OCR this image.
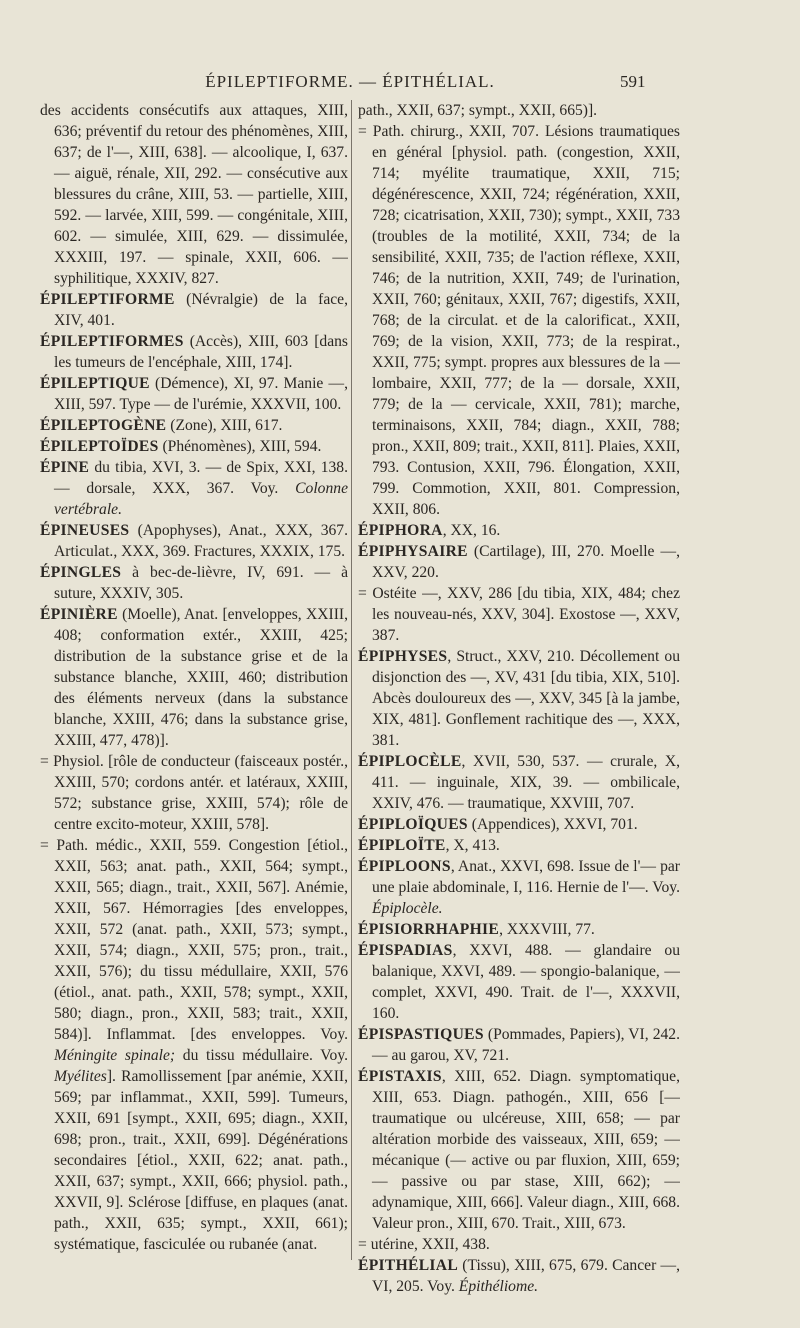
ÉPILEPTIFORME. — ÉPITHÉLIAL.	591

des accidents consécutifs aux attaques, XIII, 636; préventif du retour des phénomènes, XIII, 637; de l'—, XIII, 638]. — alcoolique, I, 637. — aiguë, rénale, XII, 292. — consécutive aux blessures du crâne, XIII, 53. — partielle, XIII, 592. — larvée, XIII, 599. — congénitale, XIII, 602. — simulée, XIII, 629. — dissimulée, XXXIII, 197. — spinale, XXII, 606. — syphilitique, XXXIV, 827.

ÉPILEPTIFORME (Névralgie) de la face, XIV, 401.

ÉPILEPTIFORMES (Accès), XIII, 603 [dans les tumeurs de l'encéphale, XIII, 174].

ÉPILEPTIQUE (Démence), XI, 97. Manie —, XIII, 597. Type — de l'urémie, XXXVII, 100.

ÉPILEPTOGÈNE (Zone), XIII, 617.

ÉPILEPTOÏDES (Phénomènes), XIII, 594.

ÉPINE du tibia, XVI, 3. — de Spix, XXI, 138. — dorsale, XXX, 367. Voy. Colonne vertébrale.

ÉPINEUSES (Apophyses), Anat., XXX, 367. Articulat., XXX, 369. Fractures, XXXIX, 175.

ÉPINGLES à bec-de-lièvre, IV, 691. — à suture, XXXIV, 305.

ÉPINIÈRE (Moelle), Anat. [enveloppes, XXIII, 408; conformation extér., XXIII, 425; distribution de la substance grise et de la substance blanche, XXIII, 460; distribution des éléments nerveux (dans la substance blanche, XXIII, 476; dans la substance grise, XXIII, 477, 478)].

= Physiol. [rôle de conducteur (faisceaux postér., XXIII, 570; cordons antér. et latéraux, XXIII, 572; substance grise, XXIII, 574); rôle de centre excito-moteur, XXIII, 578].

= Path. médic., XXII, 559. Congestion [étiol., XXII, 563; anat. path., XXII, 564; sympt., XXII, 565; diagn., trait., XXII, 567]. Anémie, XXII, 567. Hémorragies [des enveloppes, XXII, 572 (anat. path., XXII, 573; sympt., XXII, 574; diagn., XXII, 575; pron., trait., XXII, 576); du tissu médullaire, XXII, 576 (étiol., anat. path., XXII, 578; sympt., XXII, 580; diagn., pron., XXII, 583; trait., XXII, 584)]. Inflammat. [des enveloppes. Voy. Méningite spinale; du tissu médullaire. Voy. Myélites]. Ramollissement [par anémie, XXII, 569; par inflammat., XXII, 599]. Tumeurs, XXII, 691 [sympt., XXII, 695; diagn., XXII, 698; pron., trait., XXII, 699]. Dégénérations secondaires [étiol., XXII, 622; anat. path., XXII, 637; sympt., XXII, 666; physiol. path., XXVII, 9]. Sclérose [diffuse, en plaques (anat. path., XXII, 635; sympt., XXII, 661); systématique, fasciculée ou rubanée (anat.

path., XXII, 637; sympt., XXII, 665)].

= Path. chirurg., XXII, 707. Lésions traumatiques en général [physiol. path. (congestion, XXII, 714; myélite traumatique, XXII, 715; dégénérescence, XXII, 724; régénération, XXII, 728; cicatrisation, XXII, 730); sympt., XXII, 733 (troubles de la motilité, XXII, 734; de la sensibilité, XXII, 735; de l'action réflexe, XXII, 746; de la nutrition, XXII, 749; de l'urination, XXII, 760; génitaux, XXII, 767; digestifs, XXII, 768; de la circulat. et de la calorificat., XXII, 769; de la vision, XXII, 773; de la respirat., XXII, 775; sympt. propres aux blessures de la — lombaire, XXII, 777; de la — dorsale, XXII, 779; de la — cervicale, XXII, 781); marche, terminaisons, XXII, 784; diagn., XXII, 788; pron., XXII, 809; trait., XXII, 811]. Plaies, XXII, 793. Contusion, XXII, 796. Élongation, XXII, 799. Commotion, XXII, 801. Compression, XXII, 806.

ÉPIPHORA, XX, 16.

ÉPIPHYSAIRE (Cartilage), III, 270. Moelle —, XXV, 220.

= Ostéite —, XXV, 286 [du tibia, XIX, 484; chez les nouveau-nés, XXV, 304]. Exostose —, XXV, 387.

ÉPIPHYSES, Struct., XXV, 210. Décollement ou disjonction des —, XV, 431 [du tibia, XIX, 510]. Abcès douloureux des —, XXV, 345 [à la jambe, XIX, 481]. Gonflement rachitique des —, XXX, 381.

ÉPIPLOCÈLE, XVII, 530, 537. — crurale, X, 411. — inguinale, XIX, 39. — ombilicale, XXIV, 476. — traumatique, XXVIII, 707.

ÉPIPLOÏQUES (Appendices), XXVI, 701.

ÉPIPLOÏTE, X, 413.

ÉPIPLOONS, Anat., XXVI, 698. Issue de l'— par une plaie abdominale, I, 116. Hernie de l'—. Voy. Épiplocèle.

ÉPISIORRHAPHIE, XXXVIII, 77.

ÉPISPADIAS, XXVI, 488. — glandaire ou balanique, XXVI, 489. — spongio-balanique, — complet, XXVI, 490. Trait. de l'—, XXXVII, 160.

ÉPISPASTIQUES (Pommades, Papiers), VI, 242. — au garou, XV, 721.

ÉPISTAXIS, XIII, 652. Diagn. symptomatique, XIII, 653. Diagn. pathogén., XIII, 656 [— traumatique ou ulcéreuse, XIII, 658; — par altération morbide des vaisseaux, XIII, 659; — mécanique (— active ou par fluxion, XIII, 659; — passive ou par stase, XIII, 662); — adynamique, XIII, 666]. Valeur diagn., XIII, 668. Valeur pron., XIII, 670. Trait., XIII, 673.

= utérine, XXII, 438.

ÉPITHÉLIAL (Tissu), XIII, 675, 679. Cancer —, VI, 205. Voy. Épithéliome.
